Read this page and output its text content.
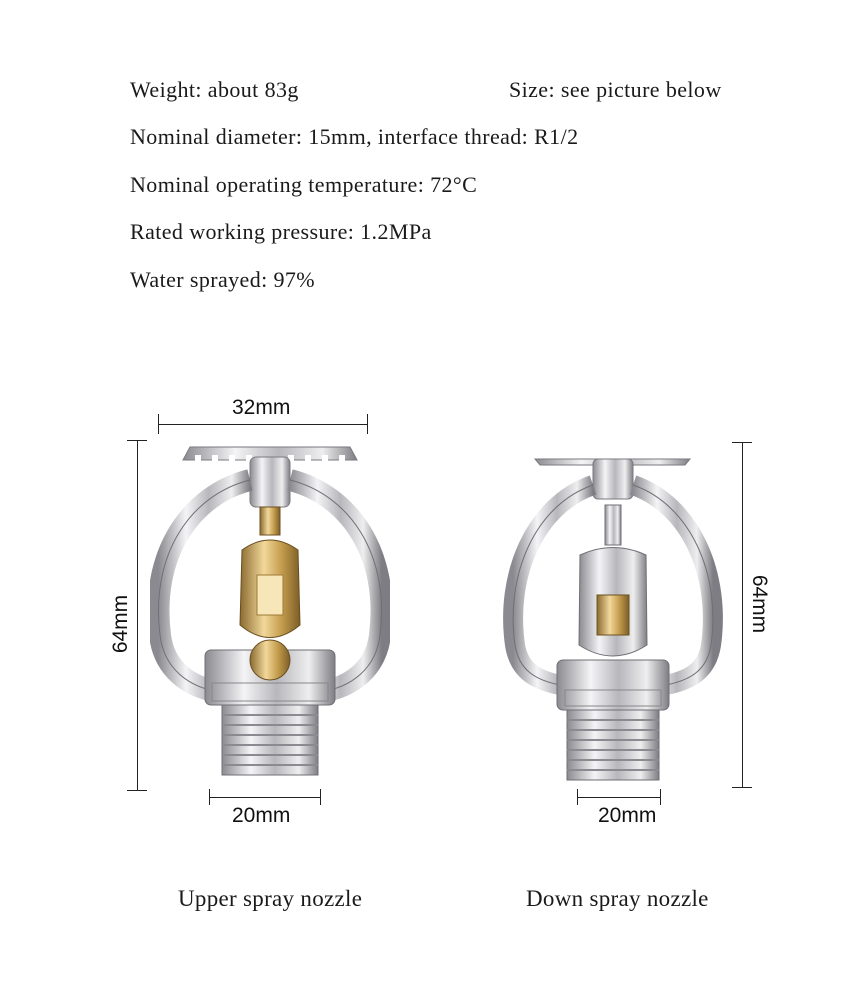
Weight: about 83g	Size: see picture below
Nominal diameter: 15mm, interface thread: R1/2
Nominal operating temperature: 72°C
Rated working pressure: 1.2MPa
Water sprayed: 97%
32mm
64mm
20mm
64mm
20mm
Upper spray nozzle	Down spray nozzle
